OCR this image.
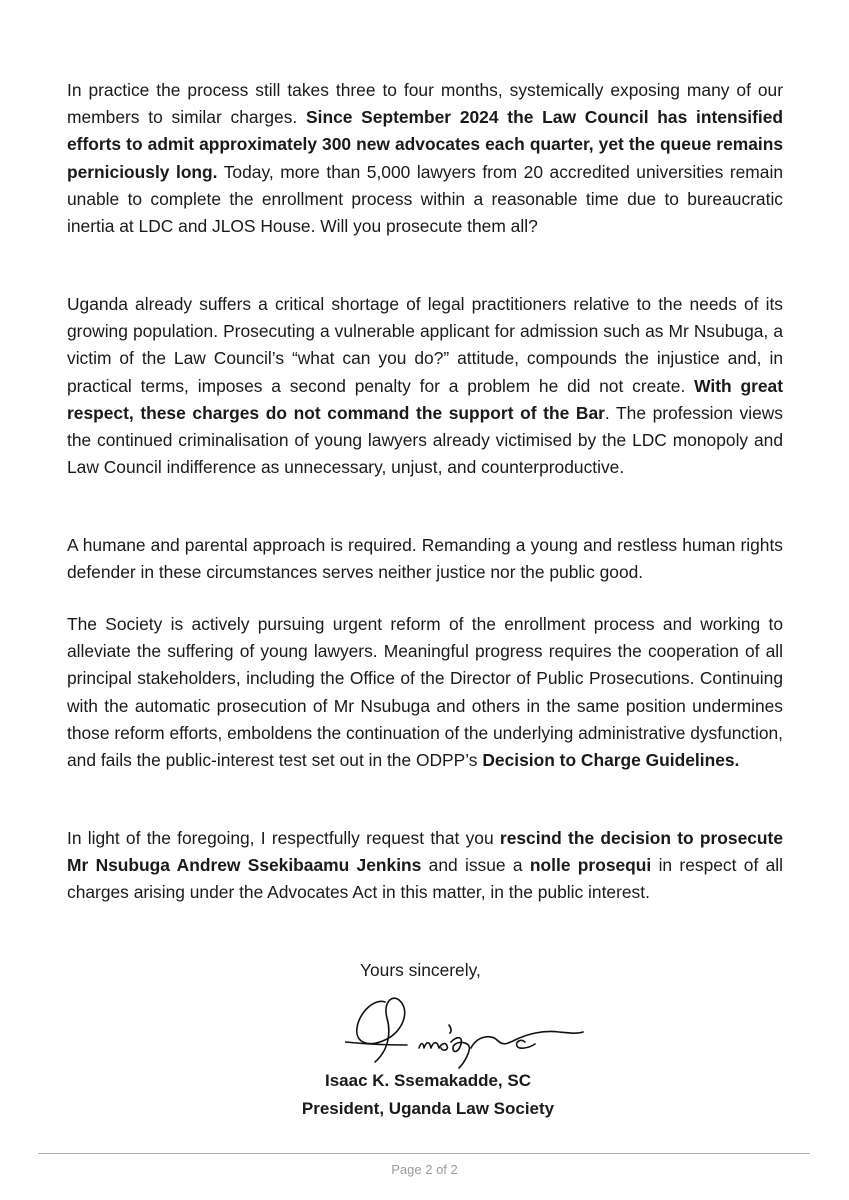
In practice the process still takes three to four months, systemically exposing many of our members to similar charges. Since September 2024 the Law Council has intensified efforts to admit approximately 300 new advocates each quarter, yet the queue remains perniciously long. Today, more than 5,000 lawyers from 20 accredited universities remain unable to complete the enrollment process within a reasonable time due to bureaucratic inertia at LDC and JLOS House. Will you prosecute them all?

Uganda already suffers a critical shortage of legal practitioners relative to the needs of its growing population. Prosecuting a vulnerable applicant for admission such as Mr Nsubuga, a victim of the Law Council’s “what can you do?” attitude, compounds the injustice and, in practical terms, imposes a second penalty for a problem he did not create. With great respect, these charges do not command the support of the Bar. The profession views the continued criminalisation of young lawyers already victimised by the LDC monopoly and Law Council indifference as unnecessary, unjust, and counterproductive.

A humane and parental approach is required. Remanding a young and restless human rights defender in these circumstances serves neither justice nor the public good.

The Society is actively pursuing urgent reform of the enrollment process and working to alleviate the suffering of young lawyers. Meaningful progress requires the cooperation of all principal stakeholders, including the Office of the Director of Public Prosecutions. Continuing with the automatic prosecution of Mr Nsubuga and others in the same position undermines those reform efforts, emboldens the continuation of the underlying administrative dysfunction, and fails the public-interest test set out in the ODPP’s Decision to Charge Guidelines.

In light of the foregoing, I respectfully request that you rescind the decision to prosecute Mr Nsubuga Andrew Ssekibaamu Jenkins and issue a nolle prosequi in respect of all charges arising under the Advocates Act in this matter, in the public interest.

Yours sincerely,
Isaac K. Ssemakadde, SC
President, Uganda Law Society
Page 2 of 2
